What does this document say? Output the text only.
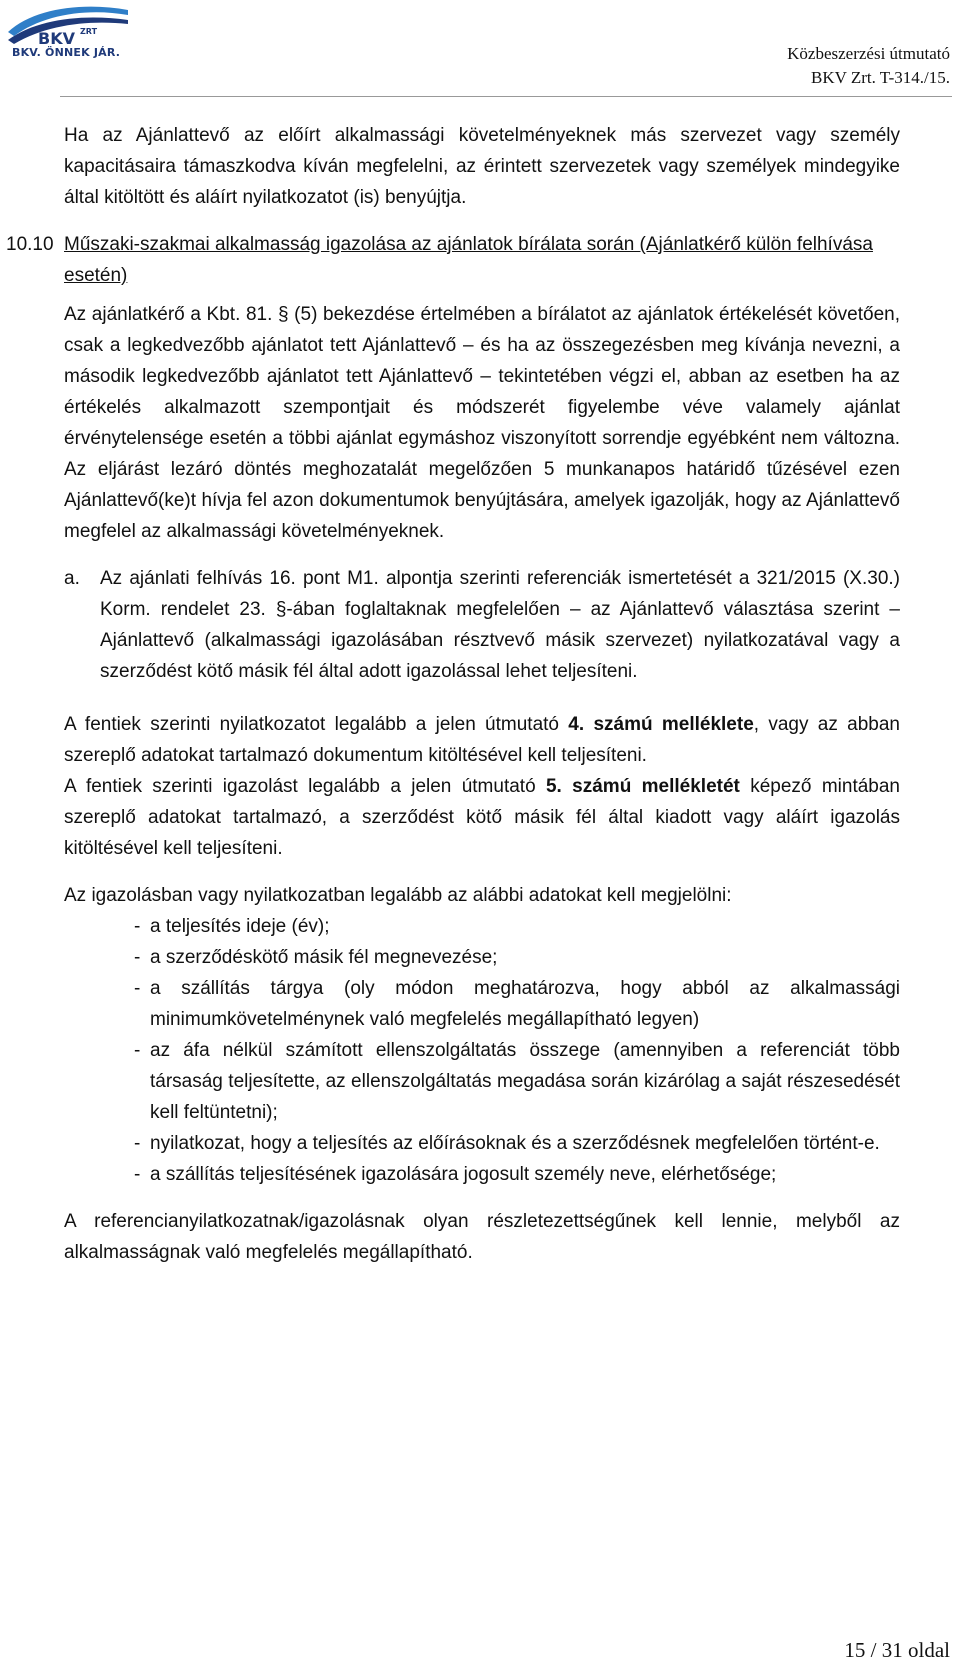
BKV ZRT
BKV. ÖNNEK JÁR.	Közbeszerzési útmutató
BKV Zrt. T-314./15.

Ha az Ajánlattevő az előírt alkalmassági követelményeknek más szervezet vagy személy kapacitásaira támaszkodva kíván megfelelni, az érintett szervezetek vagy személyek mindegyike által kitöltött és aláírt nyilatkozatot (is) benyújtja.

10.10 Műszaki-szakmai alkalmasság igazolása az ajánlatok bírálata során (Ajánlatkérő külön felhívása esetén)

Az ajánlatkérő a Kbt. 81. § (5) bekezdése értelmében a bírálatot az ajánlatok értékelését követően, csak a legkedvezőbb ajánlatot tett Ajánlattevő – és ha az összegezésben meg kívánja nevezni, a második legkedvezőbb ajánlatot tett Ajánlattevő – tekintetében végzi el, abban az esetben ha az értékelés alkalmazott szempontjait és módszerét figyelembe véve valamely ajánlat érvénytelensége esetén a többi ajánlat egymáshoz viszonyított sorrendje egyébként nem változna. Az eljárást lezáró döntés meghozatalát megelőzően 5 munkanapos határidő tűzésével ezen Ajánlattevő(ke)t hívja fel azon dokumentumok benyújtására, amelyek igazolják, hogy az Ajánlattevő megfelel az alkalmassági követelményeknek.

a.	Az ajánlati felhívás 16. pont M1. alpontja szerinti referenciák ismertetését a 321/2015 (X.30.) Korm. rendelet 23. §-ában foglaltaknak megfelelően – az Ajánlattevő választása szerint – Ajánlattevő (alkalmassági igazolásában résztvevő másik szervezet) nyilatkozatával vagy a szerződést kötő másik fél által adott igazolással lehet teljesíteni.

A fentiek szerinti nyilatkozatot legalább a jelen útmutató 4. számú melléklete, vagy az abban szereplő adatokat tartalmazó dokumentum kitöltésével kell teljesíteni.

A fentiek szerinti igazolást legalább a jelen útmutató 5. számú mellékletét képező mintában szereplő adatokat tartalmazó, a szerződést kötő másik fél által kiadott vagy aláírt igazolás kitöltésével kell teljesíteni.

Az igazolásban vagy nyilatkozatban legalább az alábbi adatokat kell megjelölni:

- a teljesítés ideje (év);
- a szerződéskötő másik fél megnevezése;
- a szállítás tárgya (oly módon meghatározva, hogy abból az alkalmassági minimumkövetelménynek való megfelelés megállapítható legyen)
- az áfa nélkül számított ellenszolgáltatás összege (amennyiben a referenciát több társaság teljesítette, az ellenszolgáltatás megadása során kizárólag a saját részesedését kell feltüntetni);
- nyilatkozat, hogy a teljesítés az előírásoknak és a szerződésnek megfelelően történt-e.
- a szállítás teljesítésének igazolására jogosult személy neve, elérhetősége;

A referencianyilatkozatnak/igazolásnak olyan részletezettségűnek kell lennie, melyből az alkalmasságnak való megfelelés megállapítható.

15 / 31 oldal
